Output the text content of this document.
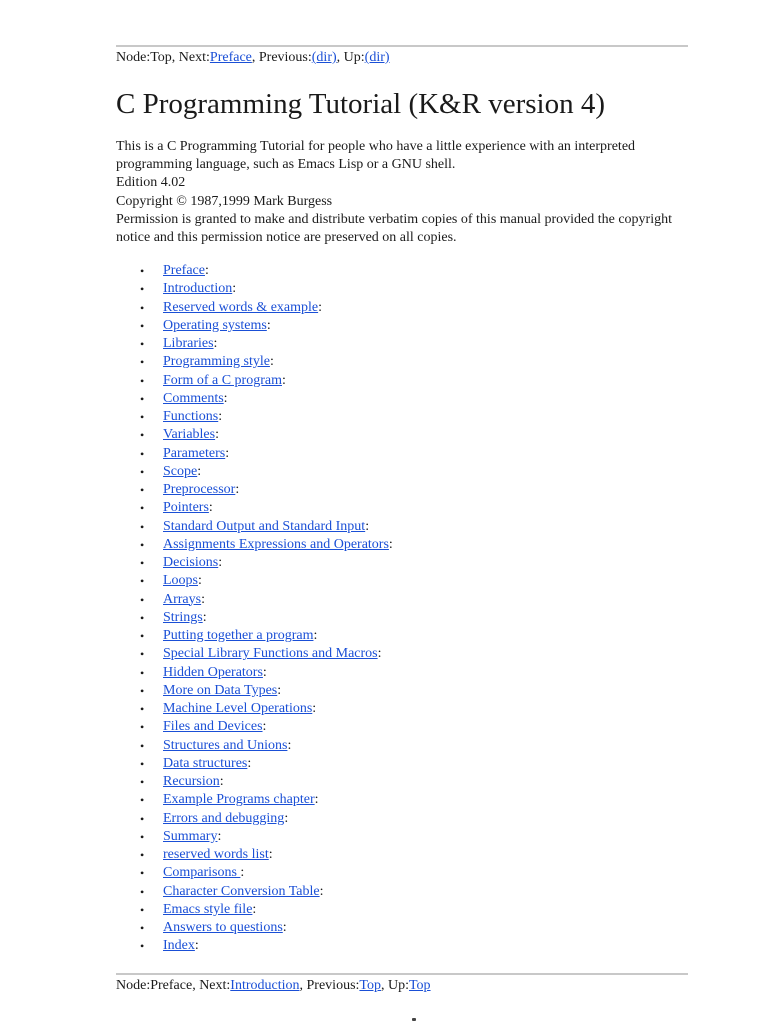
Node:Top, Next:Preface, Previous:(dir), Up:(dir)
C Programming Tutorial (K&R version 4)

This is a C Programming Tutorial for people who have a little experience with an interpreted programming language, such as Emacs Lisp or a GNU shell.

Edition 4.02

Copyright © 1987,1999 Mark Burgess

Permission is granted to make and distribute verbatim copies of this manual provided the copyright notice and this permission notice are preserved on all copies.

• Preface:
• Introduction:
• Reserved words & example:
• Operating systems:
• Libraries:
• Programming style:
• Form of a C program:
• Comments:
• Functions:
• Variables:
• Parameters:
• Scope:
• Preprocessor:
• Pointers:
• Standard Output and Standard Input:
• Assignments Expressions and Operators:
• Decisions:
• Loops:
• Arrays:
• Strings:
• Putting together a program:
• Special Library Functions and Macros:
• Hidden Operators:
• More on Data Types:
• Machine Level Operations:
• Files and Devices:
• Structures and Unions:
• Data structures:
• Recursion:
• Example Programs chapter:
• Errors and debugging:
• Summary:
• reserved words list:
• Comparisons :
• Character Conversion Table:
• Emacs style file:
• Answers to questions:
• Index:
Node:Preface, Next:Introduction, Previous:Top, Up:Top
